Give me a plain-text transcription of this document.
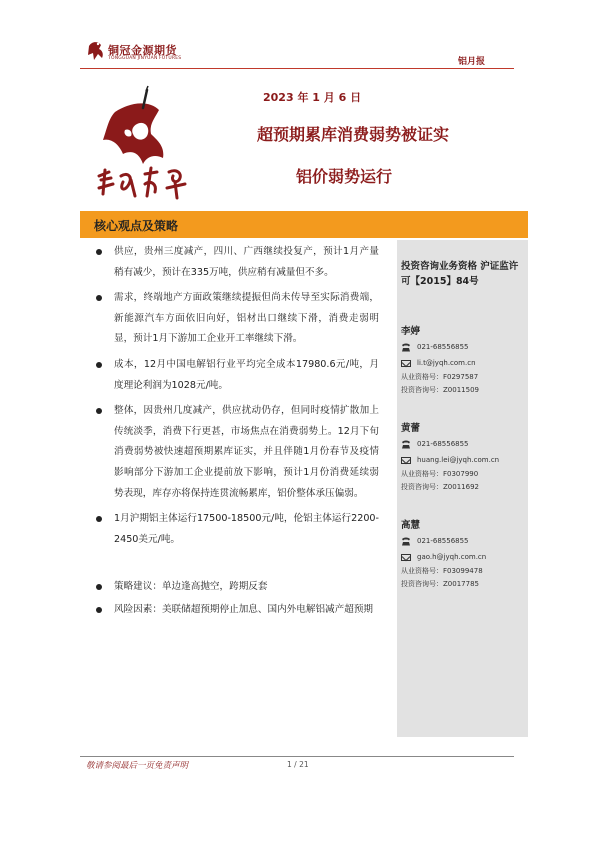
铜冠金源期货
TONGGUAN JINYUAN FUTURES	铝月报
2023 年 1 月 6 日
超预期累库消费弱势被证实
铝价弱势运行
核心观点及策略
供应，贵州三度减产，四川、广西继续投复产，预计1月产量稍有减少，预计在335万吨，供应稍有减量但不多。
需求，终端地产方面政策继续提振但尚未传导至实际消费端，新能源汽车方面依旧向好，铝材出口继续下滑，消费走弱明显，预计1月下游加工企业开工率继续下滑。
成本，12月中国电解铝行业平均完全成本17980.6元/吨，月度理论利润为1028元/吨。
整体，因贵州几度减产，供应扰动仍存，但同时疫情扩散加上传统淡季，消费下行更甚，市场焦点在消费弱势上。12月下旬消费弱势被快速超预期累库证实，并且伴随1月份春节及疫情影响部分下游加工企业提前放下影响，预计1月份消费延续弱势表现，库存亦将保持连贯流畅累库，铝价整体承压偏弱。
1月沪期铝主体运行17500-18500元/吨，伦铝主体运行2200-2450美元/吨。
策略建议：单边逢高抛空，跨期反套
风险因素：美联储超预期停止加息、国内外电解铝减产超预期
投资咨询业务资格 沪证监许可【2015】84号
李婷
021-68556855
li.t@jyqh.com.cn
从业资格号：F0297587
投资咨询号：Z0011509
黄蕾
021-68556855
huang.lei@jyqh.com.cn
从业资格号：F0307990
投资咨询号：Z0011692
高慧
021-68556855
gao.h@jyqh.com.cn
从业资格号：F03099478
投资咨询号：Z0017785
敬请参阅最后一页免责声明	1 / 21
